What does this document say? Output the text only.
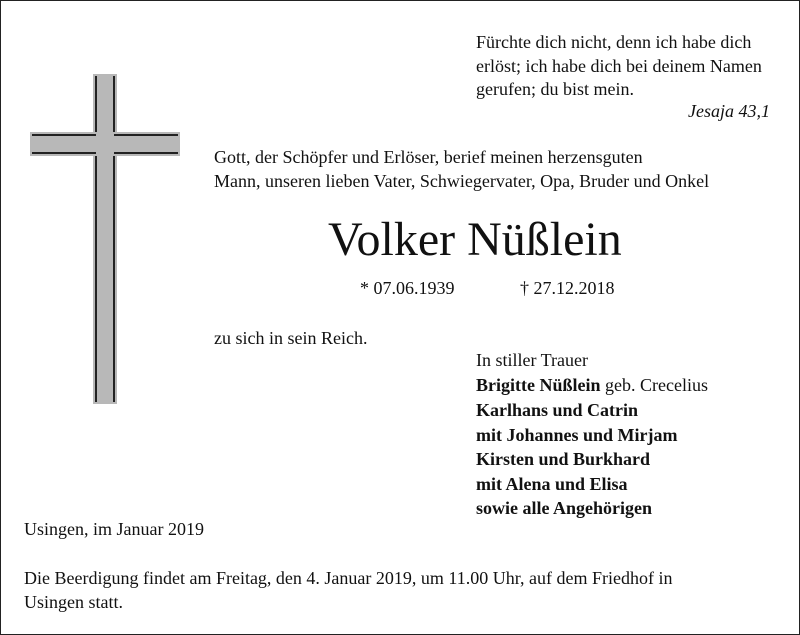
Fürchte dich nicht, denn ich habe dich
erlöst; ich habe dich bei deinem Namen
gerufen; du bist mein.
Jesaja 43,1
Gott, der Schöpfer und Erlöser, berief meinen herzensguten
Mann, unseren lieben Vater, Schwiegervater, Opa, Bruder und Onkel
Volker Nüßlein
* 07.06.1939	† 27.12.2018
zu sich in sein Reich.
In stiller Trauer
Brigitte Nüßlein geb. Crecelius
Karlhans und Catrin
mit Johannes und Mirjam
Kirsten und Burkhard
mit Alena und Elisa
sowie alle Angehörigen
Usingen, im Januar 2019
Die Beerdigung findet am Freitag, den 4. Januar 2019, um 11.00 Uhr, auf dem Friedhof in
Usingen statt.
